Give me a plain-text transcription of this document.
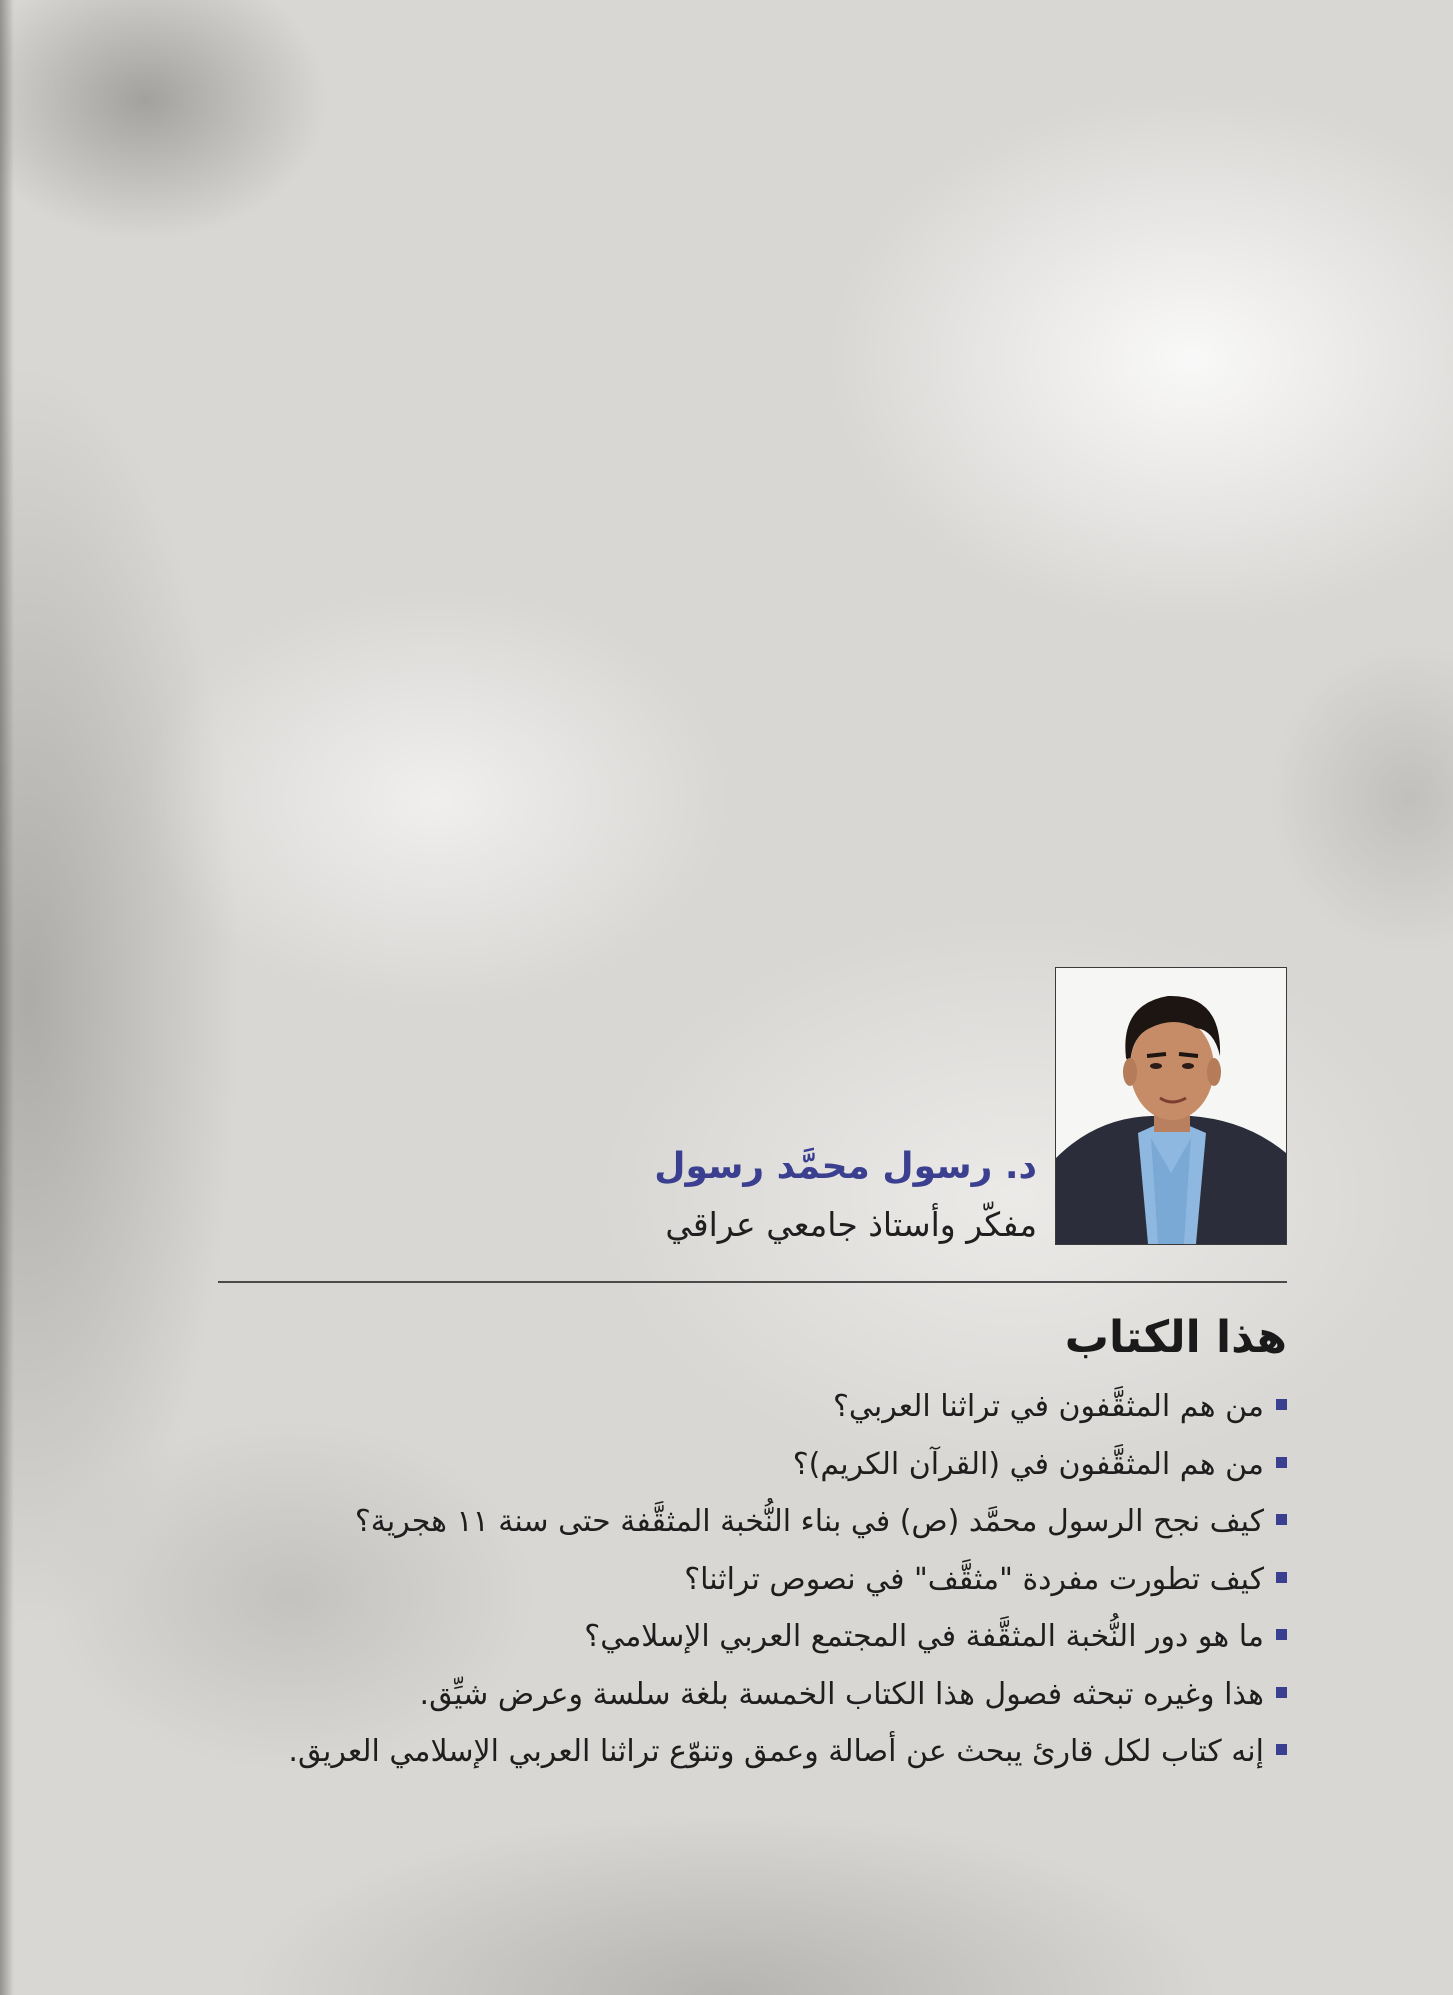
د. رسول محمَّد رسول

مفكّر وأستاذ جامعي عراقي

هذا الكتاب
من هم المثقَّفون في تراثنا العربي؟
من هم المثقَّفون في (القرآن الكريم)؟
كيف نجح الرسول محمَّد (ص) في بناء النُّخبة المثقَّفة حتى سنة ١١ هجرية؟
كيف تطورت مفردة "مثقَّف" في نصوص تراثنا؟
ما هو دور النُّخبة المثقَّفة في المجتمع العربي الإسلامي؟
هذا وغيره تبحثه فصول هذا الكتاب الخمسة بلغة سلسة وعرض شيِّق.
إنه كتاب لكل قارئ يبحث عن أصالة وعمق وتنوّع تراثنا العربي الإسلامي العريق.
